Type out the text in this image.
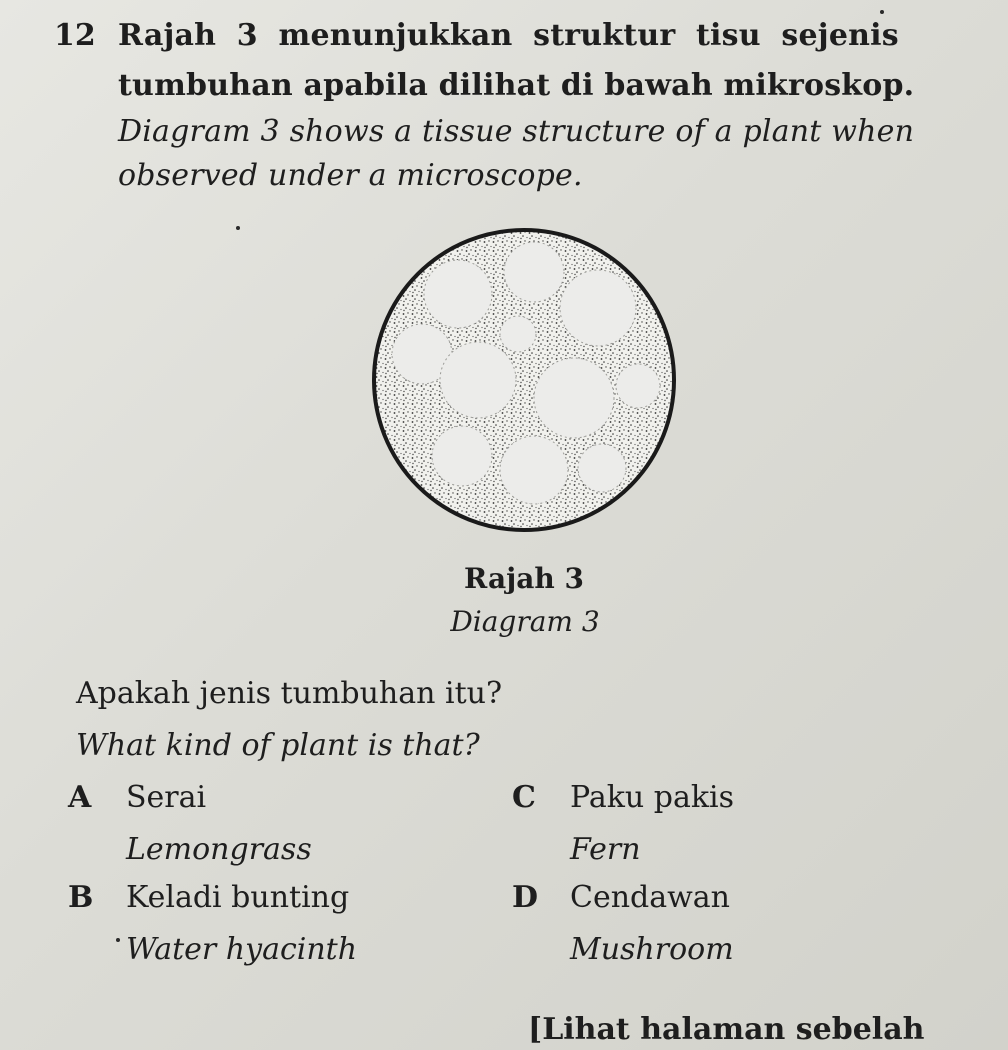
12 Rajah 3 menunjukkan struktur tisu sejenis
tumbuhan apabila dilihat di bawah mikroskop.
Diagram 3 shows a tissue structure of a plant when
observed under a microscope.
Rajah 3
Diagram 3
Apakah jenis tumbuhan itu?
What kind of plant is that?
A Serai
Lemongrass
B Keladi bunting
Water hyacinth
C Paku pakis
Fern
D Cendawan
Mushroom
[Lihat halaman sebelah
